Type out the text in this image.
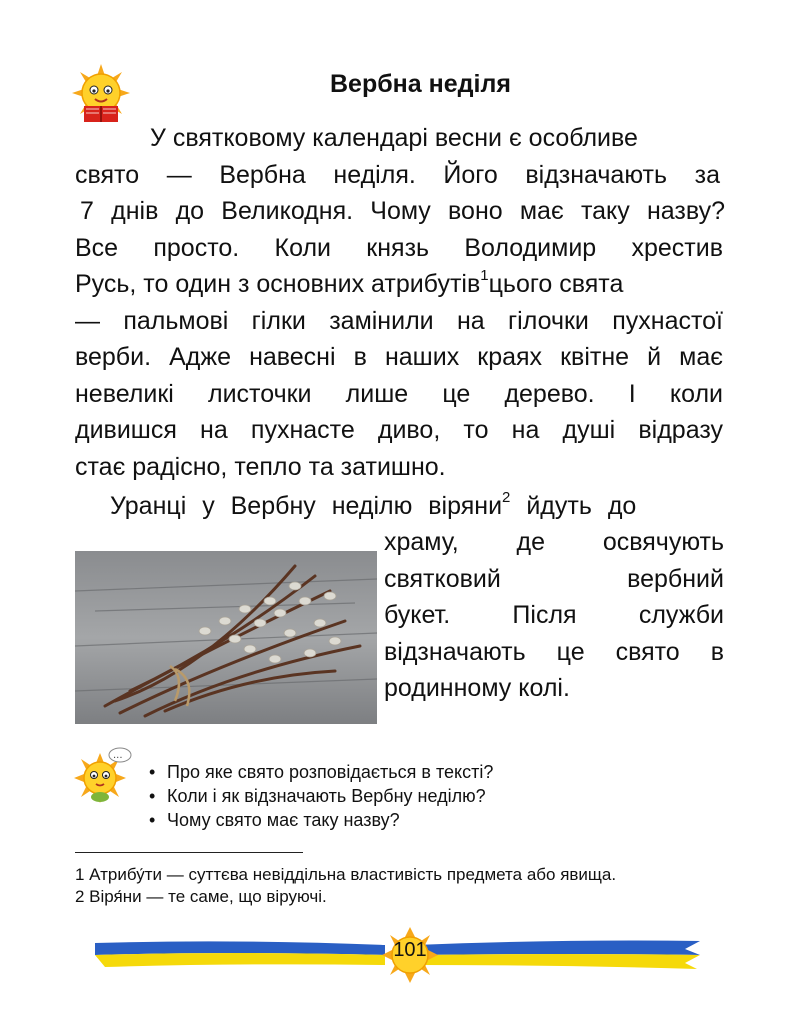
Вербна неділя
У святковому календарі весни є особливе
свято — Вербна неділя. Його відзначають за
7 днів до Великодня. Чому воно має таку назву?
Все просто. Коли князь Володимир хрестив
Русь, то один з основних атрибутів$^1$цього свята
— пальмові гілки замінили на гілочки пухнастої
верби. Адже навесні в наших краях квітне й має
невеликі листочки лише це дерево. І коли
дивишся на пухнасте диво, то на душі відразу
стає радісно, тепло та затишно.
Уранці у Вербну неділю віряни$^2$ йдуть до
храму, де освячують
святковий вербний
букет. Після служби
відзначають це свято в
родинному колі.
...
• Про яке свято розповідається в тексті?
• Коли і як відзначають Вербну неділю?
• Чому свято має таку назву?
1 Атрибу́ти — суттєва невіддільна властивість предмета або явища.
2 Віря́ни — те саме, що віруючі.
101
